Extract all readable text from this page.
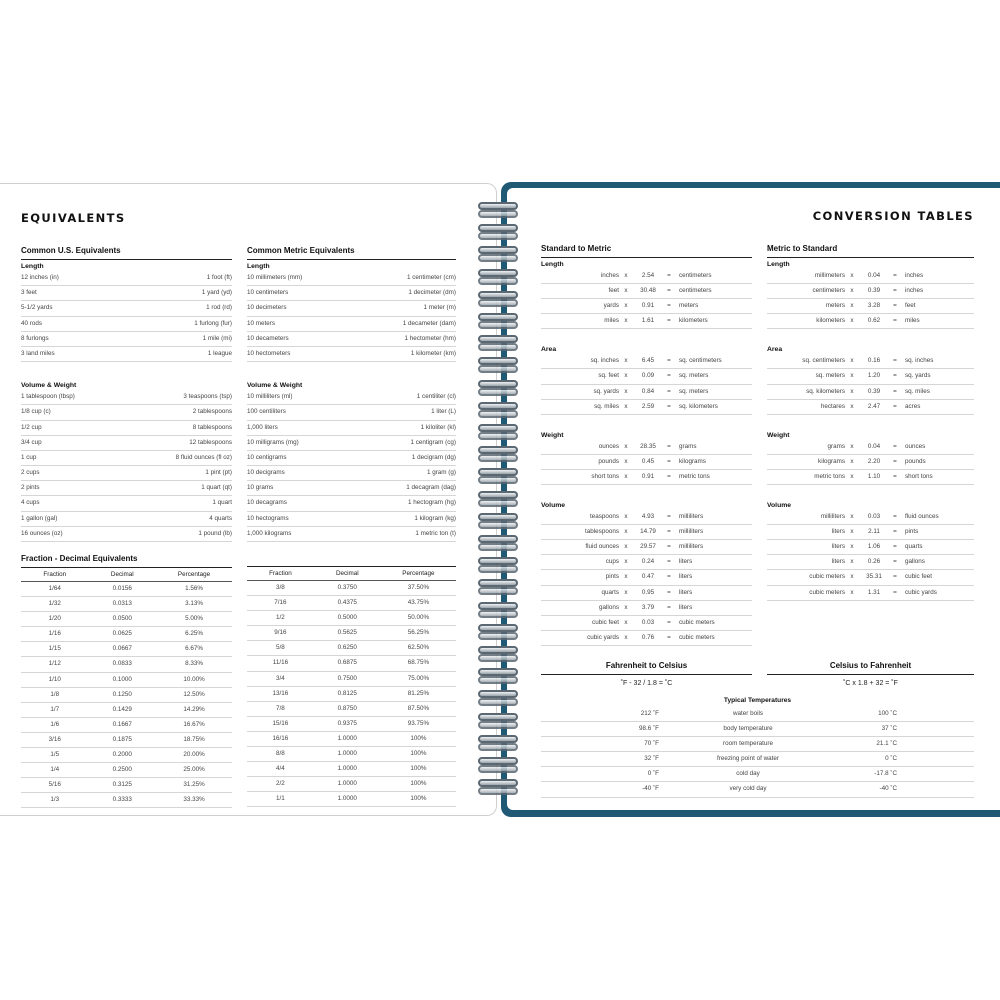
EQUIVALENTS
Common U.S. Equivalents
Length
12 inches (in)	1 foot (ft)
3 feet	1 yard (yd)
5-1/2 yards	1 rod (rd)
40 rods	1 furlong (fur)
8 furlongs	1 mile (mi)
3 land miles	1 league
Volume & Weight
1 tablespoon (tbsp)	3 teaspoons (tsp)
1/8 cup (c)	2 tablespoons
1/2 cup	8 tablespoons
3/4 cup	12 tablespoons
1 cup	8 fluid ounces (fl oz)
2 cups	1 pint (pt)
2 pints	1 quart (qt)
4 cups	1 quart
1 gallon (gal)	4 quarts
16 ounces (oz)	1 pound (lb)
Common Metric Equivalents
Length
10 millimeters (mm)	1 centimeter (cm)
10 centimeters	1 decimeter (dm)
10 decimeters	1 meter (m)
10 meters	1 decameter (dam)
10 decameters	1 hectometer (hm)
10 hectometers	1 kilometer (km)
Volume & Weight
10 milliliters (ml)	1 centiliter (cl)
100 centiliters	1 liter (L)
1,000 liters	1 kiloliter (kl)
10 milligrams (mg)	1 centigram (cg)
10 centigrams	1 decigram (dg)
10 decigrams	1 gram (g)
10 grams	1 decagram (dag)
10 decagrams	1 hectogram (hg)
10 hectograms	1 kilogram (kg)
1,000 kilograms	1 metric ton (t)
Fraction - Decimal Equivalents
Fraction	Decimal	Percentage
1/64	0.0156	1.56%
1/32	0.0313	3.13%
1/20	0.0500	5.00%
1/16	0.0625	6.25%
1/15	0.0667	6.67%
1/12	0.0833	8.33%
1/10	0.1000	10.00%
1/8	0.1250	12.50%
1/7	0.1429	14.29%
1/6	0.1667	16.67%
3/16	0.1875	18.75%
1/5	0.2000	20.00%
1/4	0.2500	25.00%
5/16	0.3125	31.25%
1/3	0.3333	33.33%
Fraction	Decimal	Percentage
3/8	0.3750	37.50%
7/16	0.4375	43.75%
1/2	0.5000	50.00%
9/16	0.5625	56.25%
5/8	0.6250	62.50%
11/16	0.6875	68.75%
3/4	0.7500	75.00%
13/16	0.8125	81.25%
7/8	0.8750	87.50%
15/16	0.9375	93.75%
16/16	1.0000	100%
8/8	1.0000	100%
4/4	1.0000	100%
2/2	1.0000	100%
1/1	1.0000	100%
CONVERSION TABLES
Standard to Metric
Length
inches x	2.54	=	centimeters
feet x	30.48	=	centimeters
yards x	0.91	=	meters
miles x	1.61	=	kilometers
Area
sq. inches x	6.45	=	sq. centimeters
sq. feet x	0.09	=	sq. meters
sq. yards x	0.84	=	sq. meters
sq. miles x	2.59	=	sq. kilometers
Weight
ounces x	28.35	=	grams
pounds x	0.45	=	kilograms
short tons x	0.91	=	metric tons
Volume
teaspoons x	4.93	=	milliliters
tablespoons x	14.79	=	milliliters
fluid ounces x	29.57	=	milliliters
cups x	0.24	=	liters
pints x	0.47	=	liters
quarts x	0.95	=	liters
gallons x	3.79	=	liters
cubic feet x	0.03	=	cubic meters
cubic yards x	0.76	=	cubic meters
Metric to Standard
Length
millimeters x	0.04	=	inches
centimeters x	0.39	=	inches
meters x	3.28	=	feet
kilometers x	0.62	=	miles
Area
sq. centimeters x	0.16	=	sq. inches
sq. meters x	1.20	=	sq. yards
sq. kilometers x	0.39	=	sq. miles
hectares x	2.47	=	acres
Weight
grams x	0.04	=	ounces
kilograms x	2.20	=	pounds
metric tons x	1.10	=	short tons
Volume
milliliters x	0.03	=	fluid ounces
liters x	2.11	=	pints
liters x	1.06	=	quarts
liters x	0.26	=	gallons
cubic meters x	35.31	=	cubic feet
cubic meters x	1.31	=	cubic yards
Fahrenheit to Celsius
˚F - 32 / 1.8 = ˚C
Celsius to Fahrenheit
˚C x 1.8 + 32 = ˚F
Typical Temperatures
212 ˚F	water boils	100 ˚C
98.6 ˚F	body temperature	37 ˚C
70 ˚F	room temperature	21.1 ˚C
32 ˚F	freezing point of water	0 ˚C
0 ˚F	cold day	-17.8 ˚C
-40 ˚F	very cold day	-40 ˚C
